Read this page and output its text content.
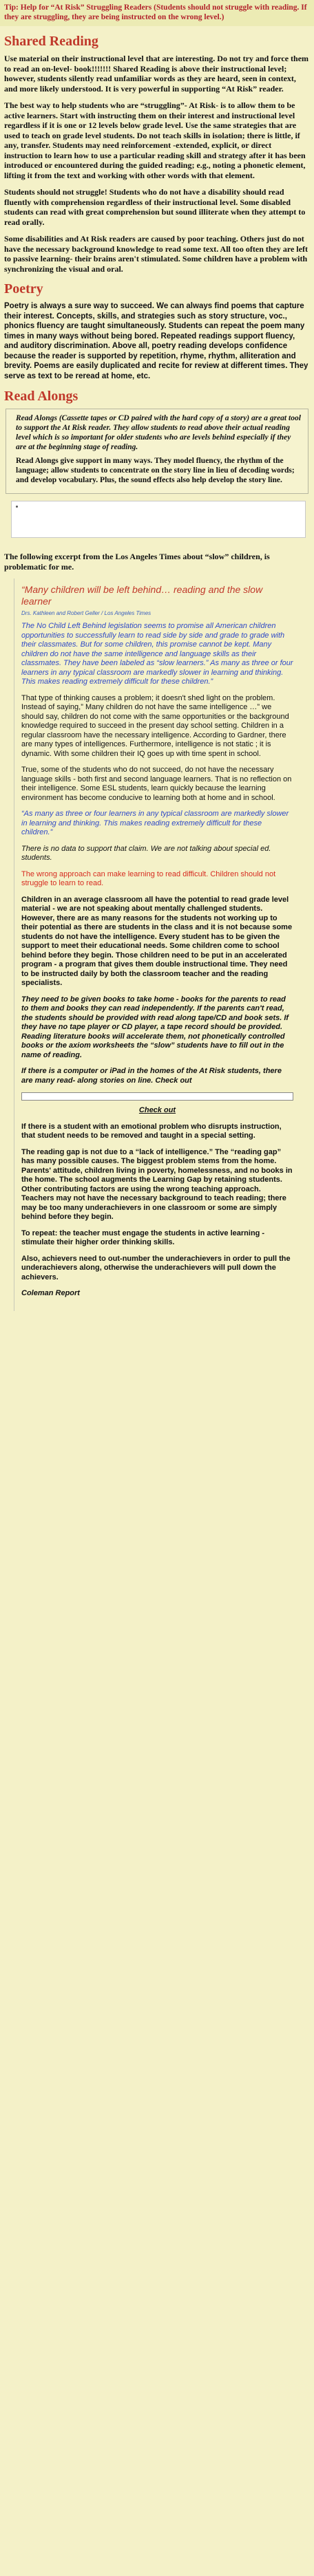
Tip: Help for “At Risk” Struggling Readers (Students should not struggle with reading. If they are struggling, they are being instructed on the wrong level.)

Shared Reading

Use material on their instructional level that are interesting. Do not try and force them to read an on-level- book!!!!!!! Shared Reading is above their instructional level; however, students silently read unfamiliar words as they are heard, seen in context, and more likely understood. It is very powerful in supporting “At Risk” reader.

The best way to help students who are “struggling”- At Risk- is to allow them to be active learners. Start with instructing them on their interest and instructional level regardless if it is one or 12 levels below grade level. Use the same strategies that are used to teach on grade level students. Do not teach skills in isolation; there is little, if any, transfer. Students may need reinforcement -extended, explicit, or direct instruction to learn how to use a particular reading skill and strategy after it has been introduced or encountered during the guided reading; e.g., noting a phonetic element, lifting it from the text and working with other words with that element.

Students should not struggle! Students who do not have a disability should read fluently with comprehension regardless of their instructional level. Some disabled students can read with great comprehension but sound illiterate when they attempt to read orally.

Some disabilities and At Risk readers are caused by poor teaching. Others just do not have the necessary background knowledge to read some text. All too often they are left to passive learning- their brains aren't stimulated. Some children have a problem with synchronizing the visual and oral.

Poetry

Poetry is always a sure way to succeed. We can always find poems that capture their interest. Concepts, skills, and strategies such as story structure, voc., phonics fluency are taught simultaneously. Students can repeat the poem many times in many ways without being bored. Repeated readings support fluency, and auditory discrimination. Above all, poetry reading develops confidence because the reader is supported by repetition, rhyme, rhythm, alliteration and brevity. Poems are easily duplicated and recite for review at different times. They serve as text to be reread at home, etc.

Read Alongs

Read Alongs (Cassette tapes or CD paired with the hard copy of a story) are a great tool to support the At Risk reader. They allow students to read above their actual reading level which is so important for older students who are levels behind especially if they are at the beginning stage of reading.

Read Alongs give support in many ways. They model fluency, the rhythm of the language; allow students to concentrate on the story line in lieu of decoding words; and develop vocabulary. Plus, the sound effects also help develop the story line.

The following excerpt from the Los Angeles Times about “slow” children, is problematic for me.

“Many children will be left behind… reading and the slow learner

Drs. Kathleen and Robert Geller / Los Angeles Times

The No Child Left Behind legislation seems to promise all American children opportunities to successfully learn to read side by side and grade to grade with their classmates. But for some children, this promise cannot be kept. Many children do not have the same intelligence and language skills as their classmates. They have been labeled as “slow learners.” As many as three or four learners in any typical classroom are markedly slower in learning and thinking. This makes reading extremely difficult for these children.”

That type of thinking causes a problem; it doesn't shed light on the problem. Instead of saying,” Many children do not have the same intelligence …” we should say, children do not come with the same opportunities or the background knowledge required to succeed in the present day school setting. Children in a regular classroom have the necessary intelligence. According to Gardner, there are many types of intelligences. Furthermore, intelligence is not static ; it is dynamic. With some children their IQ goes up with time spent in school.

True, some of the students who do not succeed, do not have the necessary language skills - both first and second language learners. That is no reflection on their intelligence. Some ESL students, learn quickly because the learning environment has become conducive to learning both at home and in school.

“As many as three or four learners in any typical classroom are markedly slower in learning and thinking. This makes reading extremely difficult for these children.”

There is no data to support that claim. We are not talking about special ed. students.

The wrong approach can make learning to read difficult. Children should not struggle to learn to read.

Children in an average classroom all have the potential to read grade level material - we are not speaking about mentally challenged students. However, there are as many reasons for the students not working up to their potential as there are students in the class and it is not because some students do not have the intelligence. Every student has to be given the support to meet their educational needs. Some children come to school behind before they begin. Those children need to be put in an accelerated program - a program that gives them double instructional time. They need to be instructed daily by both the classroom teacher and the reading specialists.

They need to be given books to take home - books for the parents to read to them and books they can read independently. If the parents can't read, the students should be provided with read along tape/CD and book sets. If they have no tape player or CD player, a tape record should be provided. Reading literature books will accelerate them, not phonetically controlled books or the axiom worksheets the “slow” students have to fill out in the name of reading.

If there is a computer or iPad in the homes of the At Risk students, there are many read- along stories on line. Check out

Check out

If there is a student with an emotional problem who disrupts instruction, that student needs to be removed and taught in a special setting.

The reading gap is not due to a “lack of intelligence.” The “reading gap” has many possible causes. The biggest problem stems from the home. Parents' attitude, children living in poverty, homelessness, and no books in the home. The school augments the Learning Gap by retaining students. Other contributing factors are using the wrong teaching approach. Teachers may not have the necessary background to teach reading; there may be too many underachievers in one classroom or some are simply behind before they begin.

To repeat: the teacher must engage the students in active learning - stimulate their higher order thinking skills.

Also, achievers need to out-number the underachievers in order to pull the underachievers along, otherwise the underachievers will pull down the achievers.

Coleman Report
